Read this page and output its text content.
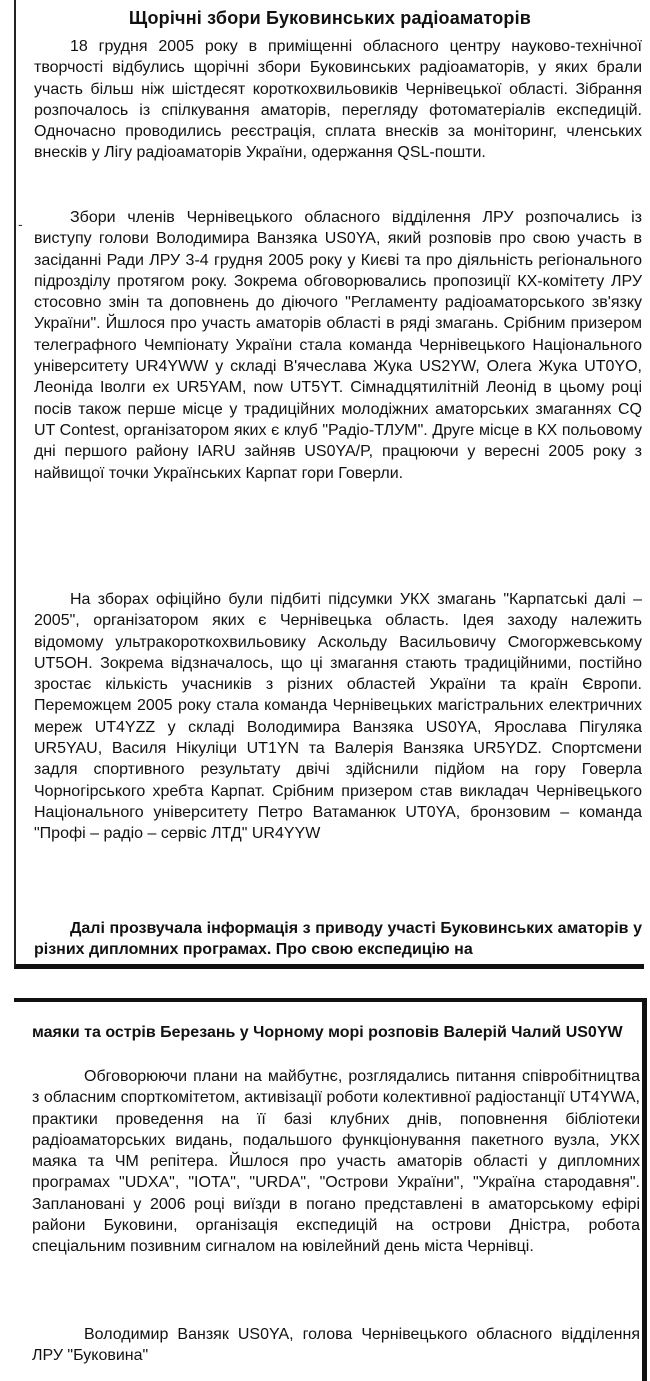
Щорічні збори Буковинських радіоаматорів
-
18 грудня 2005 року в приміщенні обласного центру науково-технічної творчості відбулись щорічні збори Буковинських радіоаматорів, у яких брали участь більш ніж шістдесят короткохвильовиків Чернівецької області. Зібрання розпочалось із спілкування аматорів, перегляду фотоматеріалів експедицій. Одночасно проводились реєстрація, сплата внесків за моніторинг, членських внесків у Лігу радіоаматорів України, одержання QSL-пошти.
Збори членів Чернівецького обласного відділення ЛРУ розпочались із виступу голови Володимира Ванзяка US0YA, який розповів про свою участь в засіданні Ради ЛРУ 3-4 грудня 2005 року у Києві та про діяльність регіонального підрозділу протягом року. Зокрема обговорювались пропозиції КХ-комітету ЛРУ стосовно змін та доповнень до діючого "Регламенту радіоаматорського зв'язку України". Йшлося про участь аматорів області в ряді змагань. Срібним призером телеграфного Чемпіонату України стала команда Чернівецького Національного університету UR4YWW у складі В'ячеслава Жука US2YW, Олега Жука UT0YO, Леоніда Іволги ex UR5YAM, now UT5YT. Сімнадцятилітній Леонід в цьому році посів також перше місце у традиційних молодіжних аматорських змаганнях CQ UT Contest, організатором яких є клуб "Радіо-ТЛУМ". Друге місце в КХ польовому дні першого району IARU зайняв US0YA/P, працюючи у вересні 2005 року з найвищої точки Українських Карпат гори Говерли.
На зборах офіційно були підбиті підсумки УКХ змагань "Карпатські далі – 2005", організатором яких є Чернівецька область. Ідея заходу належить відомому ультракороткохвильовику Аскольду Васильовичу Смогоржевському UT5OH. Зокрема відзначалось, що ці змагання стають традиційними, постійно зростає кількість учасників з різних областей України та країн Європи. Переможцем 2005 року стала команда Чернівецьких магістральних електричних мереж UT4YZZ у складі Володимира Ванзяка US0YA, Ярослава Пігуляка UR5YAU, Василя Нікуліци UT1YN та Валерія Ванзяка UR5YDZ. Спортсмени задля спортивного результату двічі здійснили підйом на гору Говерла Чорногірського хребта Карпат. Срібним призером став викладач Чернівецького Національного університету Петро Ватаманюк UT0YA, бронзовим – команда "Профі – радіо – сервіс ЛТД" UR4YYW
Далі прозвучала інформація з приводу участі Буковинських аматорів у різних дипломних програмах. Про свою експедицію на
маяки та острів Березань у Чорному морі розповів Валерій Чалий US0YW
Обговорюючи плани на майбутнє, розглядались питання співробітництва з обласним спорткомітетом, активізації роботи колективної радіостанції UT4YWA, практики проведення на її базі клубних днів, поповнення бібліотеки радіоаматорських видань, подальшого функціонування пакетного вузла, УКХ маяка та ЧМ репітера. Йшлося про участь аматорів області у дипломних програмах "UDXA", "IOTA", "URDA", "Острови України", "Українa стародавня". Заплановані у 2006 році виїзди в погано представлені в аматорському ефірі райони Буковини, організація експедицій на острови Дністра, робота спеціальним позивним сигналом на ювілейний день міста Чернівці.
Володимир Ванзяк US0YA, голова Чернівецького обласного відділення ЛРУ "Буковина"
